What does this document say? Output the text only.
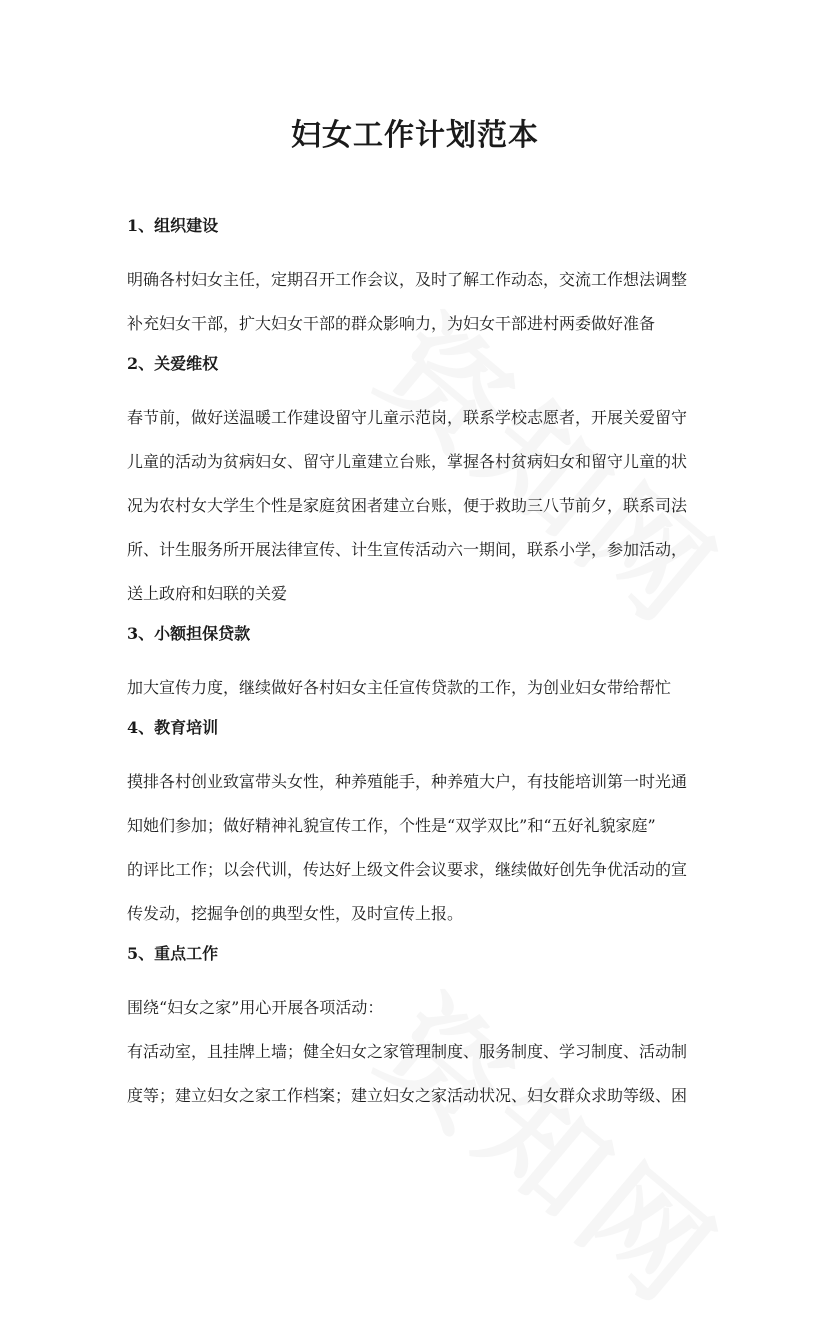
妇女工作计划范本

1、组织建设

明确各村妇女主任，定期召开工作会议，及时了解工作动态，交流工作想法调整
补充妇女干部，扩大妇女干部的群众影响力，为妇女干部进村两委做好准备

2、关爱维权

春节前，做好送温暖工作建设留守儿童示范岗，联系学校志愿者，开展关爱留守
儿童的活动为贫病妇女、留守儿童建立台账，掌握各村贫病妇女和留守儿童的状
况为农村女大学生个性是家庭贫困者建立台账，便于救助三八节前夕，联系司法
所、计生服务所开展法律宣传、计生宣传活动六一期间，联系小学，参加活动，
送上政府和妇联的关爱

3、小额担保贷款

加大宣传力度，继续做好各村妇女主任宣传贷款的工作，为创业妇女带给帮忙

4、教育培训

摸排各村创业致富带头女性，种养殖能手，种养殖大户，有技能培训第一时光通
知她们参加；做好精神礼貌宣传工作，个性是“双学双比”和“五好礼貌家庭”
的评比工作；以会代训，传达好上级文件会议要求，继续做好创先争优活动的宣
传发动，挖掘争创的典型女性，及时宣传上报。

5、重点工作

围绕“妇女之家”用心开展各项活动：

有活动室，且挂牌上墙；健全妇女之家管理制度、服务制度、学习制度、活动制
度等；建立妇女之家工作档案；建立妇女之家活动状况、妇女群众求助等级、困
